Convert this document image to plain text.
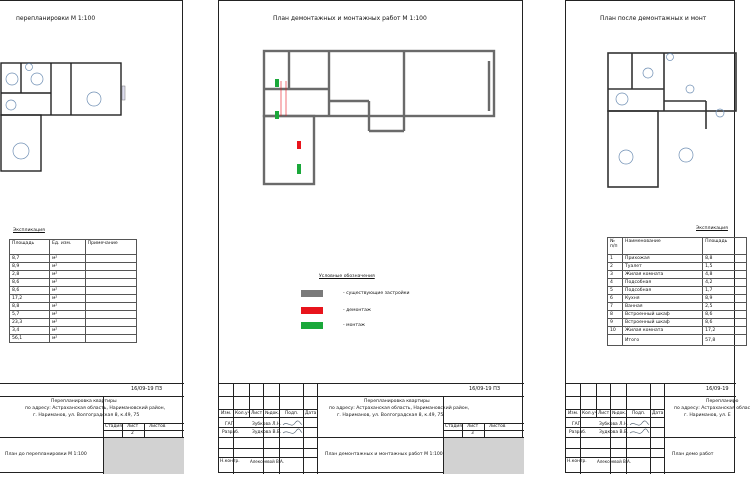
перепланировки М 1:100
Экспликация
Площадь	Ед. изм.	Примечание
8,7	м²	
8,9	м²	
2,8	м²	
8,6	м²	
8,6	м²	
17,2	м²	
8,8	м²	
5,7	м²	
23,3	м²	
3,4	м²	
56,1	м²	
16/09-19 ПЗ
Перепланировка квартиры
по адресу: Астраханская область, Наримановский район,
г. Нариманов, ул. Волгоградская 8, к.49, 75
Стадия Лист Листов
2
План до перепланировки М 1:100
План демонтажных и монтажных работ М 1:100
Условные обозначения
- существующие застройки
- демонтаж
- монтаж
Изм. Кол.уч Лист №док. Подп. Дата
ГАП	Зубкова Л.Н.
Разраб.	Зудкова В.В.
Н.контр.	Алексеевой В.А.
16/09-19 ПЗ
Перепланировка квартиры
по адресу: Астраханская область, Наримановский район,
г. Нариманов, ул. Волгоградская 8, к.49, 75
Стадия Лист Листов
3
План демонтажных и монтажных работ М 1:100
План после демонтажных и монт
Экспликация
№ п/п	Наименование	Площадь
1	Прихожая	8,8
2	Туалет	1,5
3	Жилая комната	4,8
4	Подсобная	4,2
5	Подсобная	1,7
6	Кухня	8,9
7	Ванная	2,5
8	Встроенный шкаф	8,6
9	Встроенный шкаф	8,6
10	Жилая комната	17,2
	Итого	57,8
Изм. Кол.уч Лист №док. Подп. Дата
ГАП	Зубкова Л.Н.
Разраб.	Зудкова В.В.
Н.контр.	Алексеевой В.А.
16/09-19
Перепланиро
по адресу: Астраханская облас
г. Нариманов, ул. Е
План демо работ
